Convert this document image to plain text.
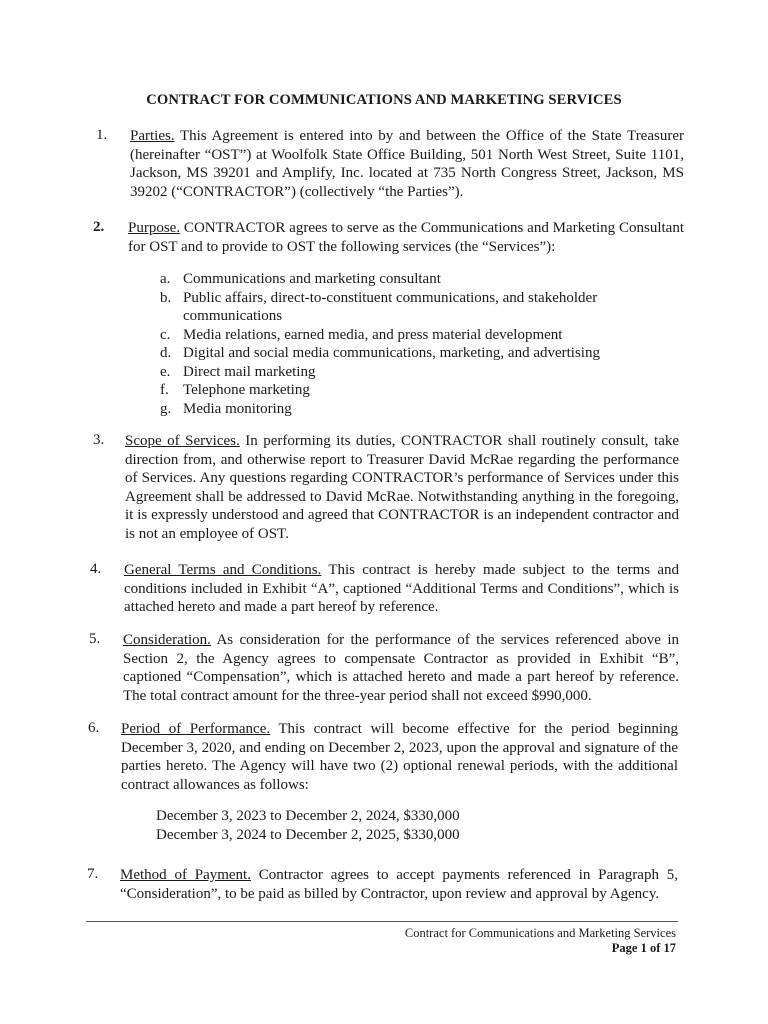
CONTRACT FOR COMMUNICATIONS AND MARKETING SERVICES
1. Parties. This Agreement is entered into by and between the Office of the State Treasurer (hereinafter “OST”) at Woolfolk State Office Building, 501 North West Street, Suite 1101, Jackson, MS 39201 and Amplify, Inc. located at 735 North Congress Street, Jackson, MS 39202 (“CONTRACTOR”) (collectively “the Parties”).
2. Purpose. CONTRACTOR agrees to serve as the Communications and Marketing Consultant for OST and to provide to OST the following services (the “Services”):
a. Communications and marketing consultant
b. Public affairs, direct-to-constituent communications, and stakeholder communications
c. Media relations, earned media, and press material development
d. Digital and social media communications, marketing, and advertising
e. Direct mail marketing
f. Telephone marketing
g. Media monitoring
3. Scope of Services. In performing its duties, CONTRACTOR shall routinely consult, take direction from, and otherwise report to Treasurer David McRae regarding the performance of Services. Any questions regarding CONTRACTOR’s performance of Services under this Agreement shall be addressed to David McRae. Notwithstanding anything in the foregoing, it is expressly understood and agreed that CONTRACTOR is an independent contractor and is not an employee of OST.
4. General Terms and Conditions. This contract is hereby made subject to the terms and conditions included in Exhibit “A”, captioned “Additional Terms and Conditions”, which is attached hereto and made a part hereof by reference.
5. Consideration. As consideration for the performance of the services referenced above in Section 2, the Agency agrees to compensate Contractor as provided in Exhibit “B”, captioned “Compensation”, which is attached hereto and made a part hereof by reference. The total contract amount for the three-year period shall not exceed $990,000.
6. Period of Performance. This contract will become effective for the period beginning December 3, 2020, and ending on December 2, 2023, upon the approval and signature of the parties hereto. The Agency will have two (2) optional renewal periods, with the additional contract allowances as follows:
December 3, 2023 to December 2, 2024, $330,000
December 3, 2024 to December 2, 2025, $330,000
7. Method of Payment. Contractor agrees to accept payments referenced in Paragraph 5, “Consideration”, to be paid as billed by Contractor, upon review and approval by Agency.
Contract for Communications and Marketing Services
Page 1 of 17
